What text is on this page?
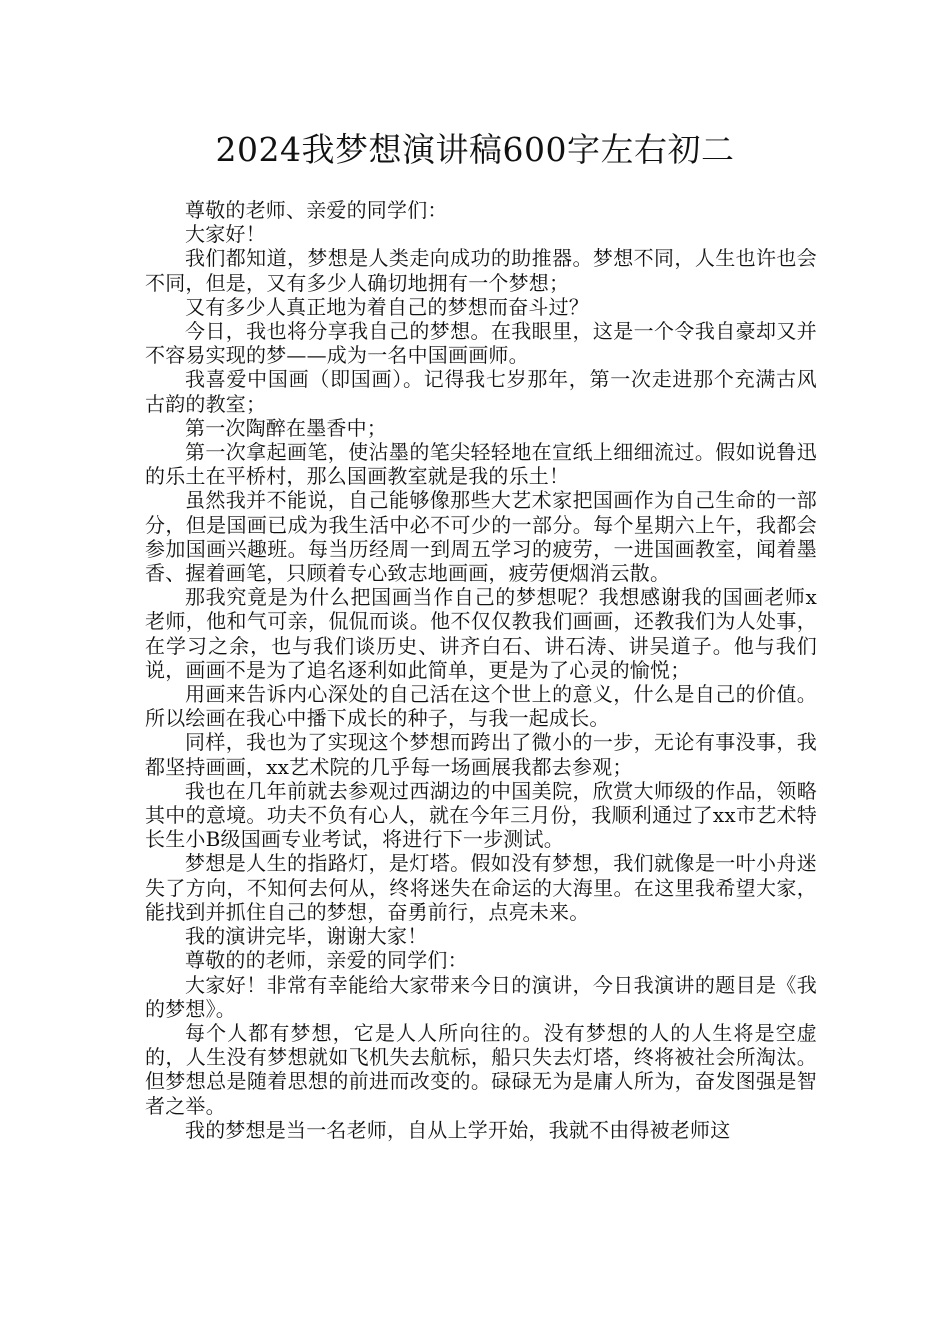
2024我梦想演讲稿600字左右初二

尊敬的老师、亲爱的同学们：

大家好！

我们都知道，梦想是人类走向成功的助推器。梦想不同，人生也许也会不同，但是，又有多少人确切地拥有一个梦想；

又有多少人真正地为着自己的梦想而奋斗过？

今日，我也将分享我自己的梦想。在我眼里，这是一个令我自豪却又并不容易实现的梦——成为一名中国画画师。

我喜爱中国画（即国画）。记得我七岁那年，第一次走进那个充满古风古韵的教室；

第一次陶醉在墨香中；

第一次拿起画笔，使沾墨的笔尖轻轻地在宣纸上细细流过。假如说鲁迅的乐土在平桥村，那么国画教室就是我的乐土！

虽然我并不能说，自己能够像那些大艺术家把国画作为自己生命的一部分，但是国画已成为我生活中必不可少的一部分。每个星期六上午，我都会参加国画兴趣班。每当历经周一到周五学习的疲劳，一进国画教室，闻着墨香、握着画笔，只顾着专心致志地画画，疲劳便烟消云散。

那我究竟是为什么把国画当作自己的梦想呢？我想感谢我的国画老师x老师，他和气可亲，侃侃而谈。他不仅仅教我们画画，还教我们为人处事，在学习之余，也与我们谈历史、讲齐白石、讲石涛、讲吴道子。他与我们说，画画不是为了追名逐利如此简单，更是为了心灵的愉悦；

用画来告诉内心深处的自己活在这个世上的意义，什么是自己的价值。所以绘画在我心中播下成长的种子，与我一起成长。

同样，我也为了实现这个梦想而跨出了微小的一步，无论有事没事，我都坚持画画，xx艺术院的几乎每一场画展我都去参观；

我也在几年前就去参观过西湖边的中国美院，欣赏大师级的作品，领略其中的意境。功夫不负有心人，就在今年三月份，我顺利通过了xx市艺术特长生小B级国画专业考试，将进行下一步测试。

梦想是人生的指路灯，是灯塔。假如没有梦想，我们就像是一叶小舟迷失了方向，不知何去何从，终将迷失在命运的大海里。在这里我希望大家，能找到并抓住自己的梦想，奋勇前行，点亮未来。

我的演讲完毕，谢谢大家！

尊敬的的老师，亲爱的同学们：

大家好！非常有幸能给大家带来今日的演讲，今日我演讲的题目是《我的梦想》。

每个人都有梦想，它是人人所向往的。没有梦想的人的人生将是空虚的，人生没有梦想就如飞机失去航标，船只失去灯塔，终将被社会所淘汰。但梦想总是随着思想的前进而改变的。碌碌无为是庸人所为，奋发图强是智者之举。

我的梦想是当一名老师，自从上学开始，我就不由得被老师这
